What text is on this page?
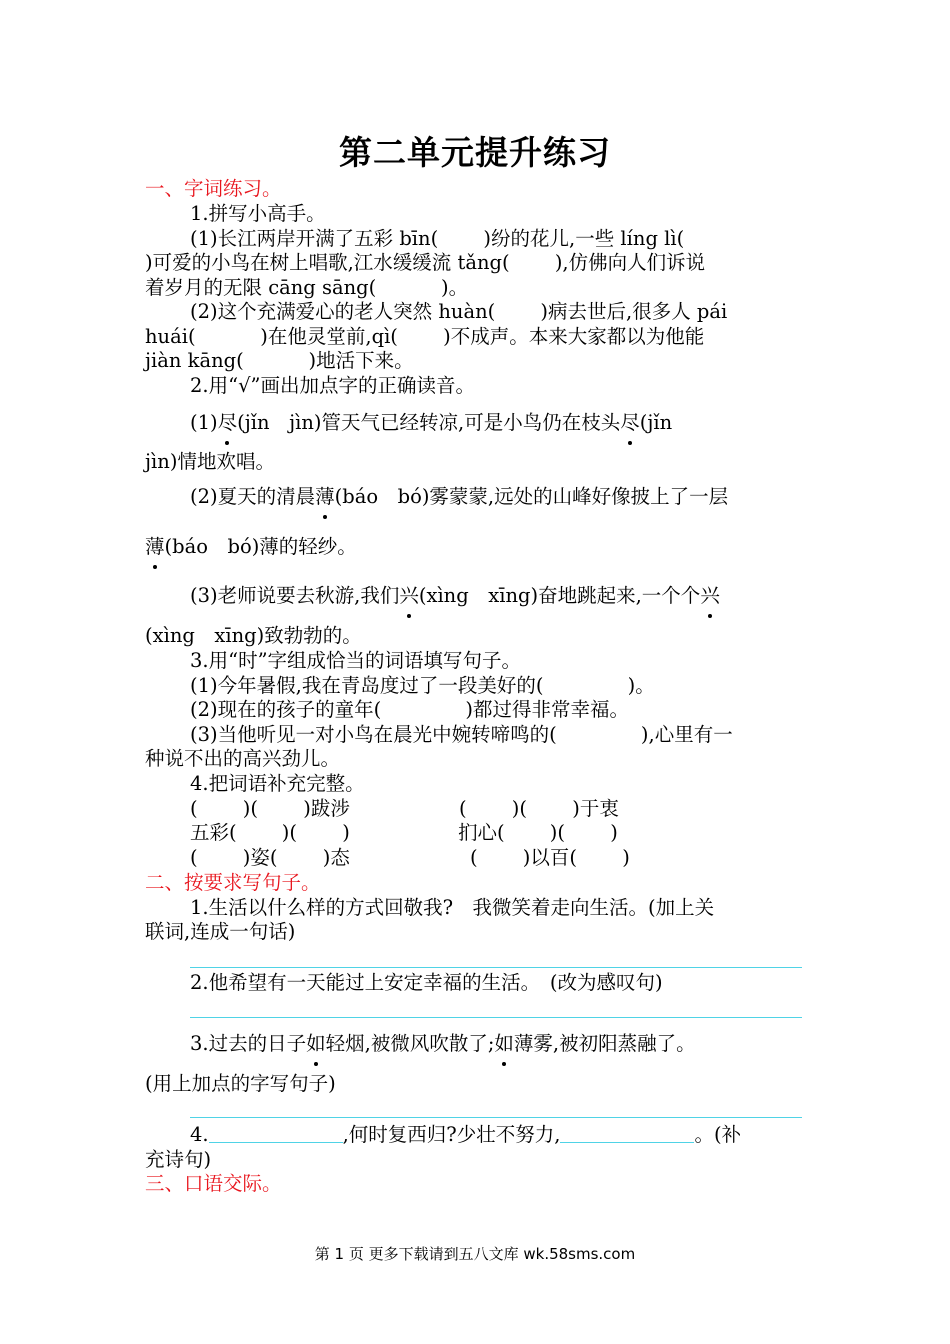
第二单元提升练习
一、字词练习。
1.拼写小高手。
(1)长江两岸开满了五彩 bīn(　　 )纷的花儿,一些 líng lì(　
)可爱的小鸟在树上唱歌,江水缓缓流 tǎng(　　 ),仿佛向人们诉说
着岁月的无限 cāng sāng(　　　 )。
(2)这个充满爱心的老人突然 huàn(　　 )病去世后,很多人 pái
huái(　　　 )在他灵堂前,qì(　　 )不成声。本来大家都以为他能
jiàn kāng(　　　 )地活下来。
2.用“√”画出加点字的正确读音。
(1)尽(jǐn　jìn)管天气已经转凉,可是小鸟仍在枝头尽(jǐn
jìn)情地欢唱。
(2)夏天的清晨薄(báo　bó)雾蒙蒙,远处的山峰好像披上了一层
薄(báo　bó)薄的轻纱。
(3)老师说要去秋游,我们兴(xìng　xīng)奋地跳起来,一个个兴
(xìng　xīng)致勃勃的。
3.用“时”字组成恰当的词语填写句子。
(1)今年暑假,我在青岛度过了一段美好的(　　　　 )。
(2)现在的孩子的童年(　　　　 )都过得非常幸福。
(3)当他听见一对小鸟在晨光中婉转啼鸣的(　　　　 ),心里有一
种说不出的高兴劲儿。
4.把词语补充完整。
(　　 )(　　 )跋涉	(　　 )(　　 )于衷
五彩(　　 )(　　 )	扪心(　　 )(　　 )
(　　 )姿(　　 )态	(　　 )以百(　　 )
二、按要求写句子。
1.生活以什么样的方式回敬我?　我微笑着走向生活。(加上关
联词,连成一句话)
2.他希望有一天能过上安定幸福的生活。　(改为感叹句)
3.过去的日子如轻烟,被微风吹散了;如薄雾,被初阳蒸融了。
(用上加点的字写句子)
4.	,何时复西归?少壮不努力,	。(补
充诗句)
三、口语交际。
第 1 页 更多下载请到五八文库 wk.58sms.com
